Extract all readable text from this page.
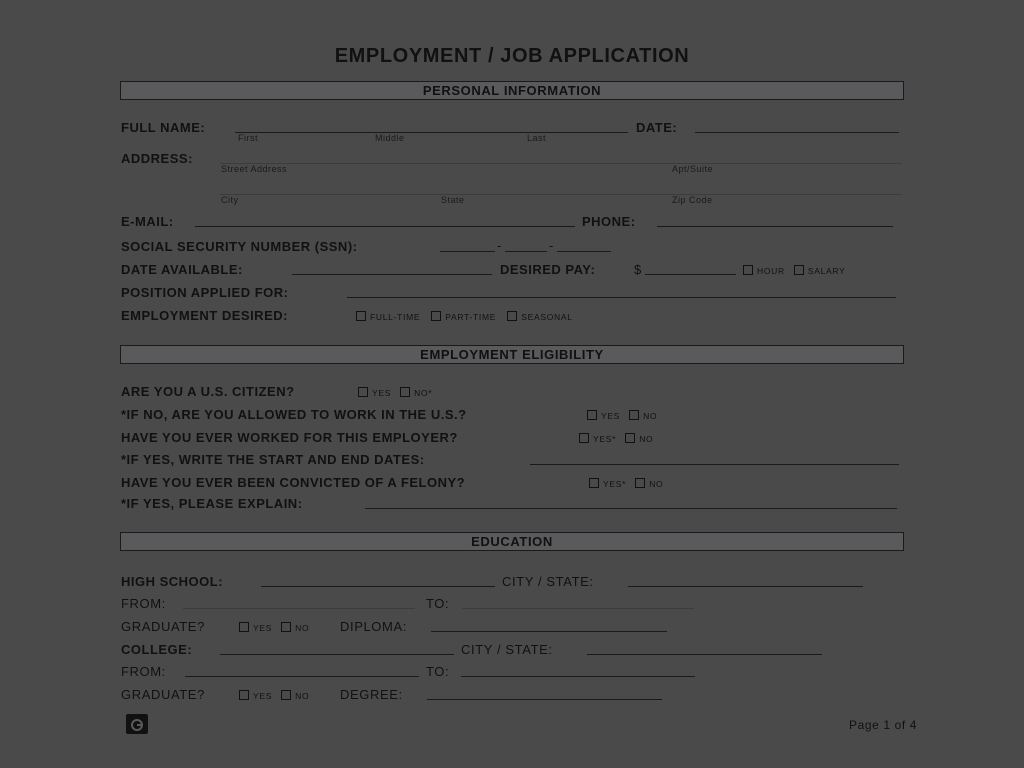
EMPLOYMENT / JOB APPLICATION
PERSONAL INFORMATION
FULL NAME:
First	Middle	Last
DATE:
ADDRESS:
Street Address	Apt/Suite
City	State	Zip Code
E-MAIL:	PHONE:
SOCIAL SECURITY NUMBER (SSN):	-	-
DATE AVAILABLE:	DESIRED PAY:	$	HOUR	SALARY
POSITION APPLIED FOR:
EMPLOYMENT DESIRED:	FULL-TIME	PART-TIME	SEASONAL
EMPLOYMENT ELIGIBILITY
ARE YOU A U.S. CITIZEN?	YES	NO*
*IF NO, ARE YOU ALLOWED TO WORK IN THE U.S.?	YES	NO
HAVE YOU EVER WORKED FOR THIS EMPLOYER?	YES*	NO
*IF YES, WRITE THE START AND END DATES:
HAVE YOU EVER BEEN CONVICTED OF A FELONY?	YES*	NO
*IF YES, PLEASE EXPLAIN:
EDUCATION
HIGH SCHOOL:	CITY / STATE:
FROM:	TO:
GRADUATE?	YES	NO	DIPLOMA:
COLLEGE:	CITY / STATE:
FROM:	TO:
GRADUATE?	YES	NO	DEGREE:
Page 1 of 4
